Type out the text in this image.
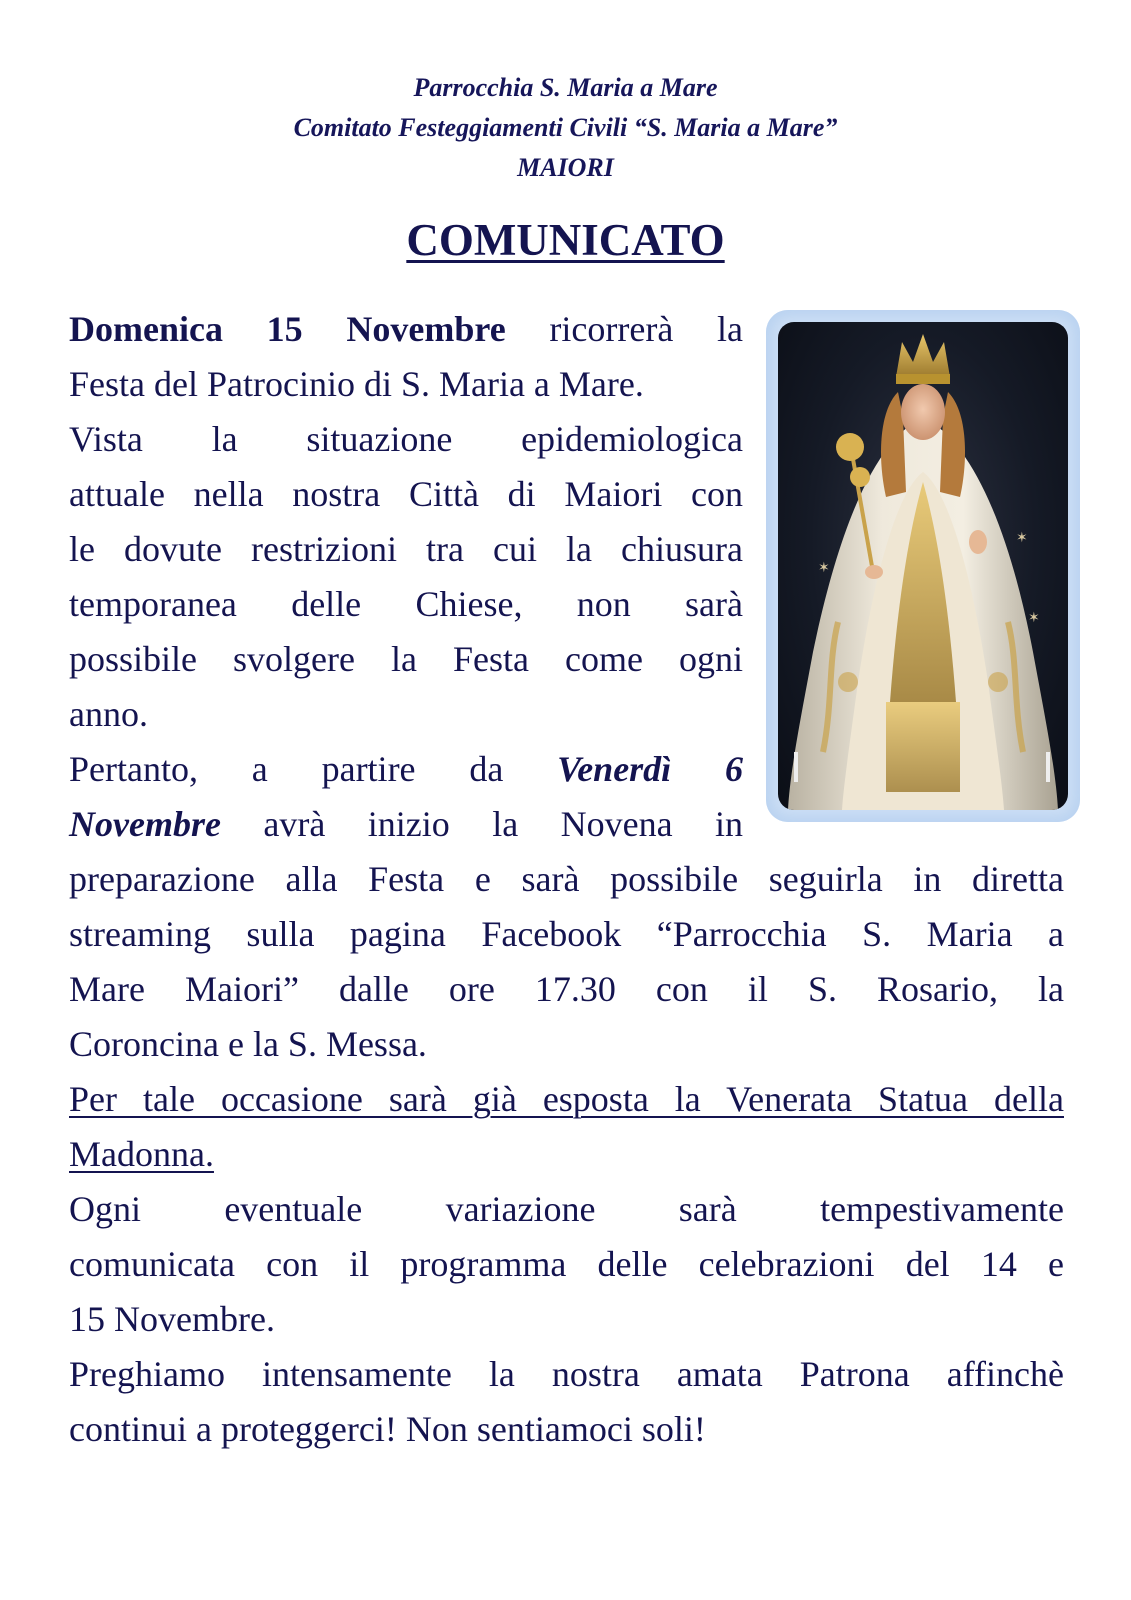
Parrocchia S. Maria a Mare
Comitato Festeggiamenti Civili “S. Maria a Mare”
MAIORI
COMUNICATO
✶
✶
✶
Domenica 15 Novembre ricorrerà la
Festa del Patrocinio di S. Maria a Mare.
Vista la situazione epidemiologica
attuale nella nostra Città di Maiori con
le dovute restrizioni tra cui la chiusura
temporanea delle Chiese, non sarà
possibile svolgere la Festa come ogni
anno.
Pertanto, a partire da Venerdì 6
Novembre avrà inizio la Novena in
preparazione alla Festa e sarà possibile seguirla in diretta
streaming sulla pagina Facebook “Parrocchia S. Maria a
Mare Maiori” dalle ore 17.30 con il S. Rosario, la
Coroncina e la S. Messa.
Per tale occasione sarà già esposta la Venerata Statua della
Madonna.
Ogni eventuale variazione sarà tempestivamente
comunicata con il programma delle celebrazioni del 14 e
15 Novembre.
Preghiamo intensamente la nostra amata Patrona affinchè
continui a proteggerci! Non sentiamoci soli!
